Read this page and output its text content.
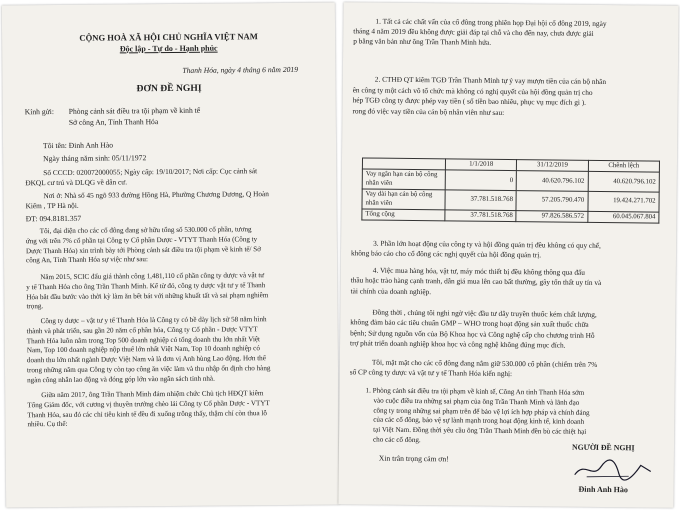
CỘNG HOÀ XÃ HỘI CHỦ NGHĨA VIỆT NAM
Độc lập - Tự do - Hạnh phúc
Thanh Hóa, ngày 4 tháng 6 năm 2019
ĐƠN ĐỀ NGHỊ
Kính gửi: Phòng cảnh sát điều tra tội phạm về kinh tế
Sở công An, Tỉnh Thanh Hóa
Tôi tên: Đinh Anh Hào
Ngày tháng năm sinh: 05/11/1972
Số CCCD: 020072000055; Ngày cấp: 19/10/2017; Nơi cấp: Cục cảnh sát
ĐKQL cư trú và DLQG về dân cư.
Nơi ở: Nhà số 45 ngõ 933 đường Hồng Hà, Phường Chương Dương, Q Hoàn
Kiếm , TP Hà nội.
ĐT: 094.8181.357
Tôi, đại diện cho các cổ đông đang sở hữu tổng số 530.000 cổ phần, tương
ứng với trên 7% cổ phần tại Công ty Cổ phần Dược - VTYT Thanh Hóa (Công ty
Dược Thanh Hóa) xin trình bày tới Phòng cảnh sát điều tra tội phạm về kinh tế/ Sở
công An, Tỉnh Thanh Hóa sự việc như sau:
Năm 2015, SCIC đấu giá thành công 1,481,110 cổ phần công ty dược và vật tư
y tế Thanh Hóa cho ông Trần Thanh Minh. Kể từ đó, công ty dược vật tư y tế Thanh
Hóa bắt đầu bước vào thời kỳ làm ăn bết bát với những khuất tất và sai phạm nghiêm
trọng.
Công ty dược – vật tư y tế Thanh Hóa là Công ty có bề dày lịch sử 58 năm hình
thành và phát triển, sau gần 20 năm cổ phần hóa, Công ty Cổ phần - Dược VTYT
Thanh Hóa luôn nằm trong Top 500 doanh nghiệp có tổng doanh thu lớn nhất Việt
Nam, Top 100 doanh nghiệp nộp thuế lớn nhất Việt Nam, Top 10 doanh nghiệp có
doanh thu lớn nhất ngành Dược Việt Nam và là đơn vị Anh hùng Lao động. Hơn thế
trong những năm qua Công ty còn tạo công ăn việc làm và thu nhập ổn định cho hàng
ngàn công nhân lao động và đóng góp lớn vào ngân sách tỉnh nhà.
Giữa năm 2017, ông Trần Thanh Minh đảm nhiệm chức Chủ tịch HĐQT kiêm
Tổng Giám đốc, với cương vị thuyền trưởng chèo lái Công ty Cổ phần Dược - VTYT
Thanh Hóa, sau đó các chỉ tiêu kinh tế đều đi xuống trông thấy, thậm chí còn thua lỗ
nhiều. Cụ thể:
1. Tất cả các chất vấn của cổ đông trong phiên họp Đại hội cổ đông 2019, ngày
tháng 4 năm 2019 đều không được giải đáp tại chỗ và cho đến nay, chưa được giải
p bằng văn bản như ông Trần Thanh Minh hứa.
2. CTHĐ QT kiêm TGĐ Trần Thanh Minh tự ý vay mượn tiền của cán bộ nhân
ên công ty một cách vô tổ chức mà không có nghị quyết của hội đồng quản trị cho
hép TGĐ công ty được phép vay tiền ( số tiền bao nhiêu, phục vụ mục đích gì ).
rong đó việc vay tiền của cán bộ nhân viên như sau:
	1/1/2018	31/12/2019	Chênh lệch
Vay ngắn hạn cán bộ công nhân viên	0	40.620.796.102	40.620.796.102
Vay dài hạn cán bộ công nhân viên	37.781.518.768	57.205.790.470	19.424.271.702
Tổng cộng	37.781.518.768	97.826.586.572	60.045.067.804
3. Phần lớn hoạt động của công ty và hội đồng quản trị đều không có quy chế,
không báo cáo cho cổ đông các nghị quyết của hội đồng quản trị.
4. Việc mua hàng hóa, vật tư, máy móc thiết bị đều không thông qua đấu
thầu hoặc trào hàng cạnh tranh, dẫn giá mua lên cao bất thường, gây tổn thất uy tín và
tài chính của doanh nghiệp.
Đồng thời , chúng tôi nghi ngờ việc đầu tư dây truyền thuốc kém chất lượng,
không đảm bảo các tiêu chuẩn GMP – WHO trong hoạt động sản xuất thuốc chữa
bệnh; Sử dụng nguồn vốn của Bộ Khoa học và Công nghệ cấp cho chương trình Hỗ
trợ phát triển doanh nghiệp khoa học và công nghệ không đúng mục đích.
Tôi, mặt mặt cho các cổ đông đang nắm giữ 530.000 cổ phần (chiếm trên 7%
số CP công ty dược và vật tư y tế Thanh Hóa kiến nghị:
1. Phòng cảnh sát điều tra tội phạm về kinh tế, Công An tỉnh Thanh Hóa sớm
vào cuộc điều tra những sai phạm của ông Trần Thanh Minh và lãnh đạo
công ty trong những sai phạm trên để bảo vệ lợi ích hợp pháp và chính đáng
của các cổ đông, bảo vệ sự lành mạnh trong hoạt động kinh tế, kinh doanh
tại Việt Nam. Đồng thời yêu cầu ông Trần Thanh Minh đền bù các thiệt hại
cho các cổ đông.
Xin trân trọng cảm ơn!
NGƯỜI ĐỀ NGHỊ
Đinh Anh Hào
